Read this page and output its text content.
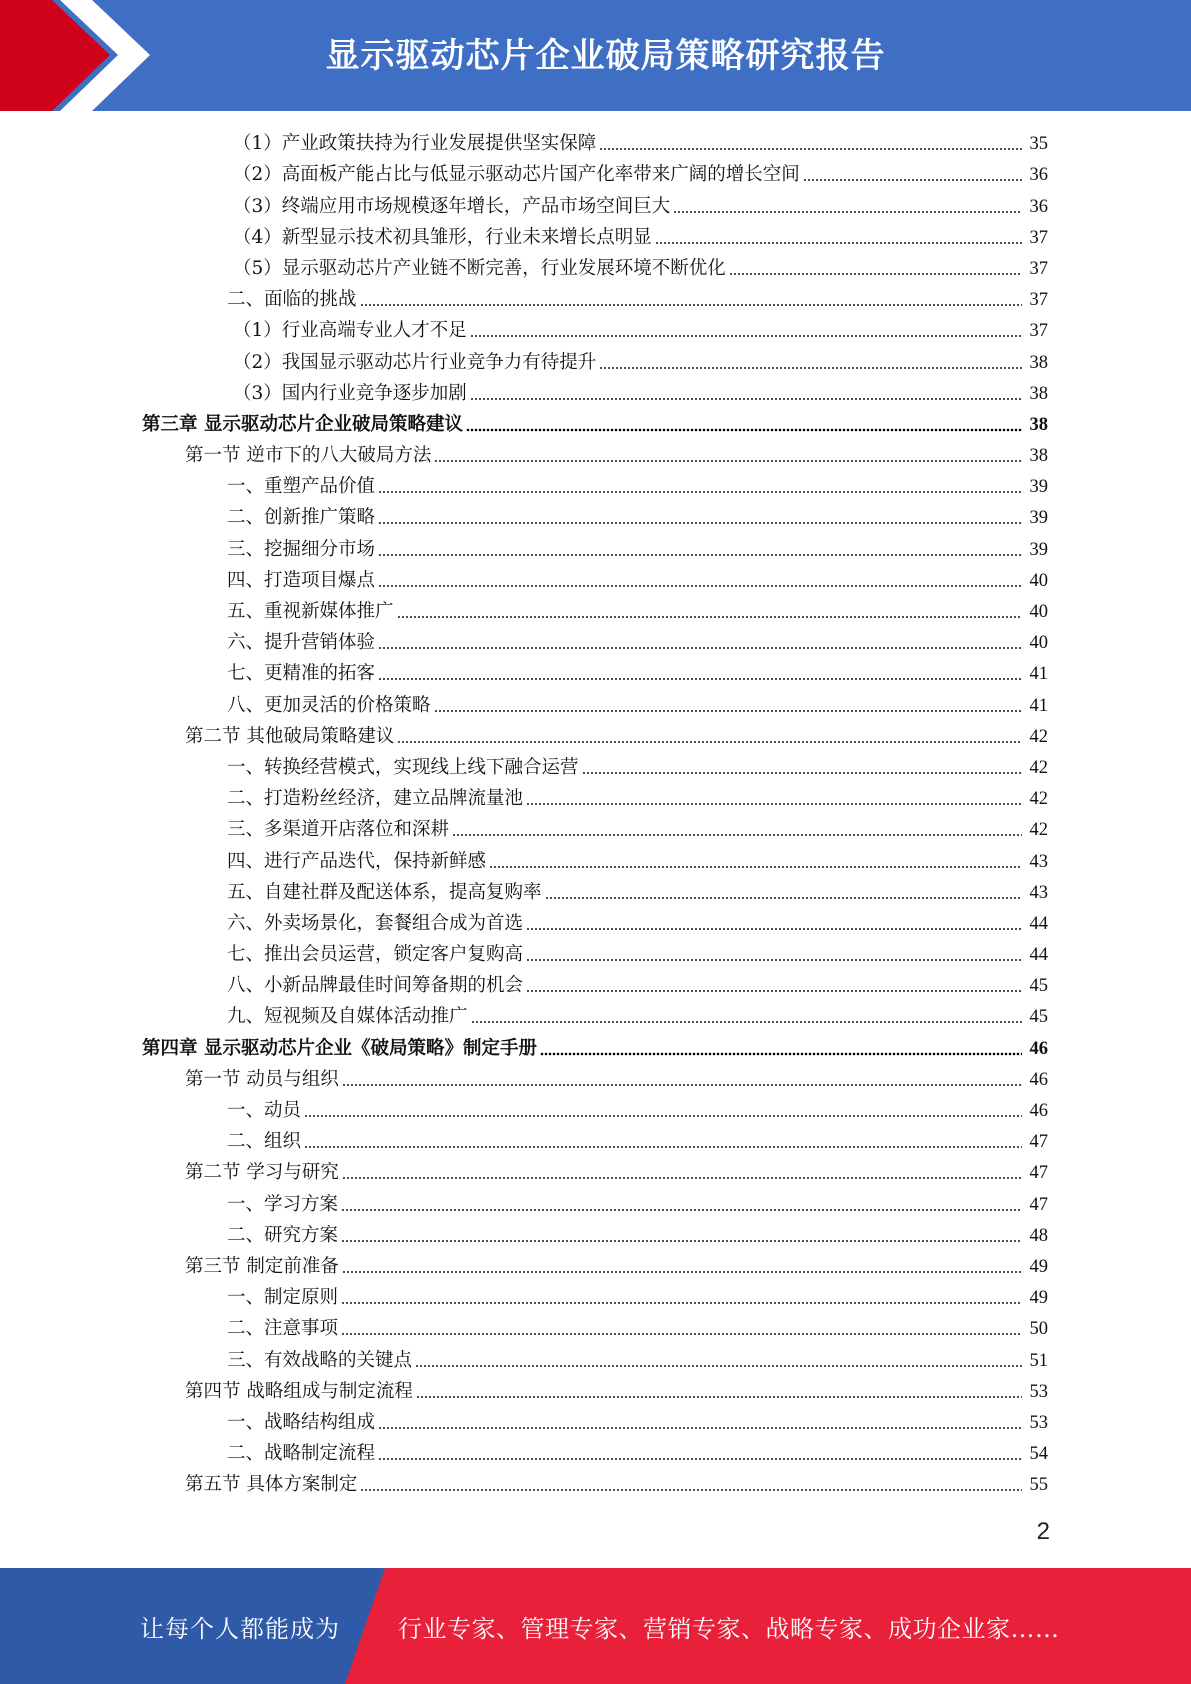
显示驱动芯片企业破局策略研究报告
（1）产业政策扶持为行业发展提供坚实保障	35
（2）高面板产能占比与低显示驱动芯片国产化率带来广阔的增长空间	36
（3）终端应用市场规模逐年增长，产品市场空间巨大	36
（4）新型显示技术初具雏形，行业未来增长点明显	37
（5）显示驱动芯片产业链不断完善，行业发展环境不断优化	37
二、面临的挑战	37
（1）行业高端专业人才不足	37
（2）我国显示驱动芯片行业竞争力有待提升	38
（3）国内行业竞争逐步加剧	38
第三章 显示驱动芯片企业破局策略建议	38
第一节 逆市下的八大破局方法	38
一、重塑产品价值	39
二、创新推广策略	39
三、挖掘细分市场	39
四、打造项目爆点	40
五、重视新媒体推广	40
六、提升营销体验	40
七、更精准的拓客	41
八、更加灵活的价格策略	41
第二节 其他破局策略建议	42
一、转换经营模式，实现线上线下融合运营	42
二、打造粉丝经济，建立品牌流量池	42
三、多渠道开店落位和深耕	42
四、进行产品迭代，保持新鲜感	43
五、自建社群及配送体系，提高复购率	43
六、外卖场景化，套餐组合成为首选	44
七、推出会员运营，锁定客户复购高	44
八、小新品牌最佳时间筹备期的机会	45
九、短视频及自媒体活动推广	45
第四章 显示驱动芯片企业《破局策略》制定手册	46
第一节 动员与组织	46
一、动员	46
二、组织	47
第二节 学习与研究	47
一、学习方案	47
二、研究方案	48
第三节 制定前准备	49
一、制定原则	49
二、注意事项	50
三、有效战略的关键点	51
第四节 战略组成与制定流程	53
一、战略结构组成	53
二、战略制定流程	54
第五节 具体方案制定	55
2
让每个人都能成为 行业专家、管理专家、营销专家、战略专家、成功企业家……
